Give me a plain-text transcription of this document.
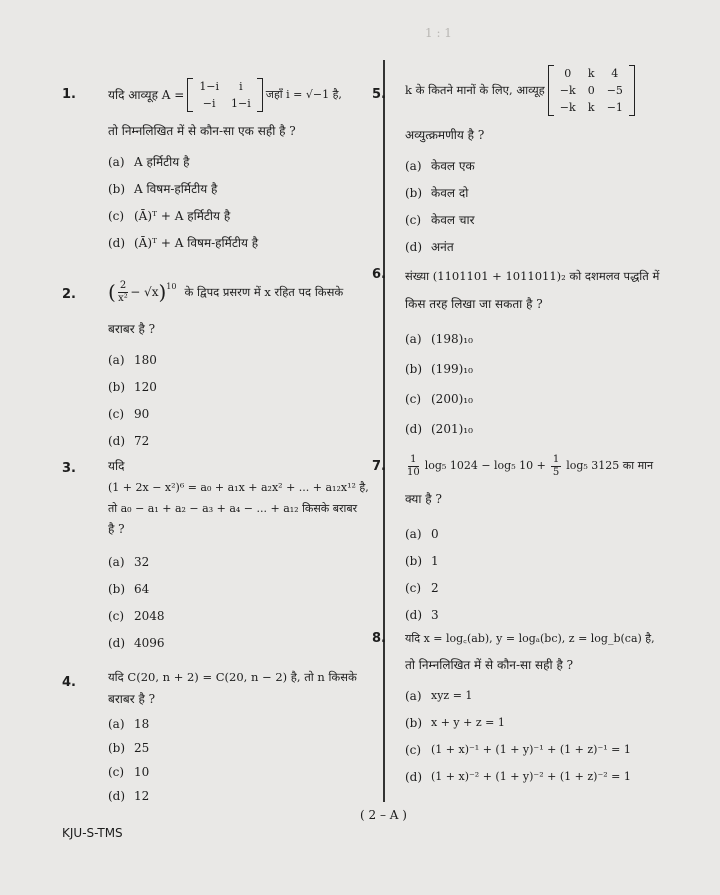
1 : 1
1.	यदि आव्यूह A =
1−i	i
−i	1−i
जहाँ i = √−1 है,
तो निम्नलिखित में से कौन-सा एक सही है ?
(a) A हर्मिटीय है
(b) A विषम-हर्मिटीय है
(c) (Ā)ᵀ + A हर्मिटीय है
(d) (Ā)ᵀ + A विषम-हर्मिटीय है
2. ( $\frac{2}{\text{x²}} - √x$ )$^{10}$ के द्विपद प्रसरण में x रहित पद किसके
बराबर है ?
(a) 180
(b) 120
(c) 90
(d) 72
3.	यदि
(1 + 2x − x²)⁶ = a₀ + a₁x + a₂x² + ... + a₁₂x¹² है,
तो a₀ − a₁ + a₂ − a₃ + a₄ − ... + a₁₂ किसके बराबर
है ?
(a) 32
(b) 64
(c) 2048
(d) 4096
4.	यदि C(20, n + 2) = C(20, n − 2) है, तो n किसके
बराबर है ?
(a) 18
(b) 25
(c) 10
(d) 12
5. k के कितने मानों के लिए, आव्यूह
0	k	4
−k	0	−5
−k	k	−1
अव्युत्क्रमणीय है ?
(a) केवल एक
(b) केवल दो
(c) केवल चार
(d) अनंत
6. संख्या (1101101 + 1011011)₂ को दशमलव पद्धति में
किस तरह लिखा जा सकता है ?
(a) (198)₁₀
(b) (199)₁₀
(c) (200)₁₀
(d) (201)₁₀
7. $\frac{1}{10} \log_5$ 1024 − log₅ $10 + \frac{1}{5} \log_5$ 3125 का मान
क्या है ?
(a) 0
(b) 1
(c) 2
(d) 3
8. यदि x = log꜀(ab), y = logₐ(bc), z = log_b(ca) है,
तो निम्नलिखित में से कौन-सा सही है ?
(a) xyz = 1
(b) x + y + z = 1
(c) (1 + x)⁻¹ + (1 + y)⁻¹ + (1 + z)⁻¹ = 1
(d) (1 + x)⁻² + (1 + y)⁻² + (1 + z)⁻² = 1
( 2 – A )
KJU-S-TMS
